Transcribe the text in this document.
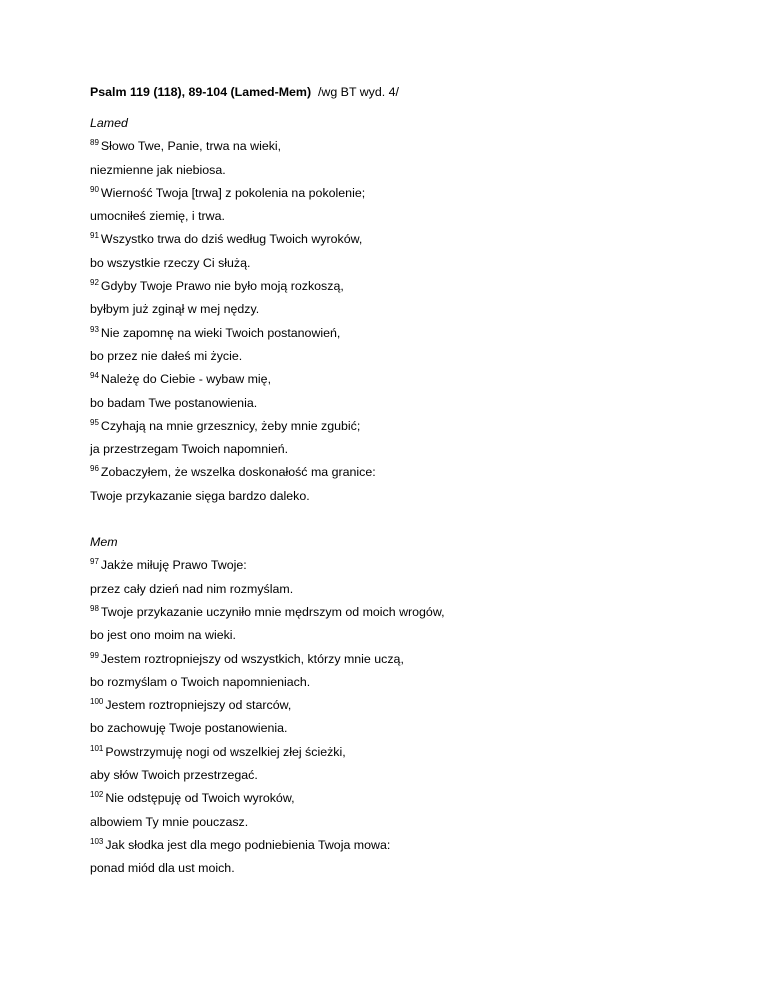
Psalm 119 (118), 89-104 (Lamed-Mem)  /wg BT wyd. 4/
Lamed
$^{89}$ Słowo Twe, Panie, trwa na wieki,
niezmienne jak niebiosa.
$^{90}$ Wierność Twoja [trwa] z pokolenia na pokolenie;
umocniłeś ziemię, i trwa.
$^{91}$ Wszystko trwa do dziś według Twoich wyroków,
bo wszystkie rzeczy Ci służą.
$^{92}$ Gdyby Twoje Prawo nie było moją rozkoszą,
byłbym już zginął w mej nędzy.
$^{93}$ Nie zapomnę na wieki Twoich postanowień,
bo przez nie dałeś mi życie.
$^{94}$ Należę do Ciebie - wybaw mię,
bo badam Twe postanowienia.
$^{95}$ Czyhają na mnie grzesznicy, żeby mnie zgubić;
ja przestrzegam Twoich napomnień.
$^{96}$ Zobaczyłem, że wszelka doskonałość ma granice:
Twoje przykazanie sięga bardzo daleko.
Mem
$^{97}$ Jakże miłuję Prawo Twoje:
przez cały dzień nad nim rozmyślam.
$^{98}$ Twoje przykazanie uczyniło mnie mędrszym od moich wrogów,
bo jest ono moim na wieki.
$^{99}$ Jestem roztropniejszy od wszystkich, którzy mnie uczą,
bo rozmyślam o Twoich napomnieniach.
$^{100}$ Jestem roztropniejszy od starców,
bo zachowuję Twoje postanowienia.
$^{101}$ Powstrzymuję nogi od wszelkiej złej ścieżki,
aby słów Twoich przestrzegać.
$^{102}$ Nie odstępuję od Twoich wyroków,
albowiem Ty mnie pouczasz.
$^{103}$ Jak słodka jest dla mego podniebienia Twoja mowa:
ponad miód dla ust moich.
